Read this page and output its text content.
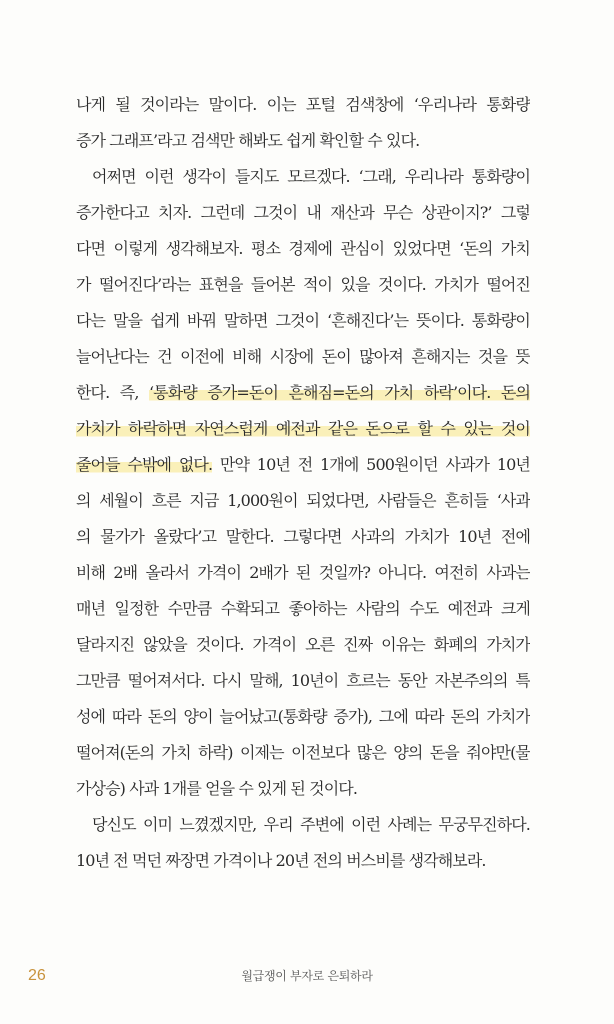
나게 될 것이라는 말이다. 이는 포털 검색창에 ‘우리나라 통화량
증가 그래프’라고 검색만 해봐도 쉽게 확인할 수 있다.
어쩌면 이런 생각이 들지도 모르겠다. ‘그래, 우리나라 통화량이
증가한다고 치자. 그런데 그것이 내 재산과 무슨 상관이지?’ 그렇
다면 이렇게 생각해보자. 평소 경제에 관심이 있었다면 ‘돈의 가치
가 떨어진다’라는 표현을 들어본 적이 있을 것이다. 가치가 떨어진
다는 말을 쉽게 바꿔 말하면 그것이 ‘흔해진다’는 뜻이다. 통화량이
늘어난다는 건 이전에 비해 시장에 돈이 많아져 흔해지는 것을 뜻
한다. 즉, ‘통화량 증가=돈이 흔해짐=돈의 가치 하락’이다. 돈의
가치가 하락하면 자연스럽게 예전과 같은 돈으로 할 수 있는 것이
줄어들 수밖에 없다. 만약 10년 전 1개에 500원이던 사과가 10년
의 세월이 흐른 지금 1,000원이 되었다면, 사람들은 흔히들 ‘사과
의 물가가 올랐다’고 말한다. 그렇다면 사과의 가치가 10년 전에
비해 2배 올라서 가격이 2배가 된 것일까? 아니다. 여전히 사과는
매년 일정한 수만큼 수확되고 좋아하는 사람의 수도 예전과 크게
달라지진 않았을 것이다. 가격이 오른 진짜 이유는 화폐의 가치가
그만큼 떨어져서다. 다시 말해, 10년이 흐르는 동안 자본주의의 특
성에 따라 돈의 양이 늘어났고(통화량 증가), 그에 따라 돈의 가치가
떨어져(돈의 가치 하락) 이제는 이전보다 많은 양의 돈을 줘야만(물
가상승) 사과 1개를 얻을 수 있게 된 것이다.
당신도 이미 느꼈겠지만, 우리 주변에 이런 사례는 무궁무진하다.
10년 전 먹던 짜장면 가격이나 20년 전의 버스비를 생각해보라.
26	월급쟁이 부자로 은퇴하라
